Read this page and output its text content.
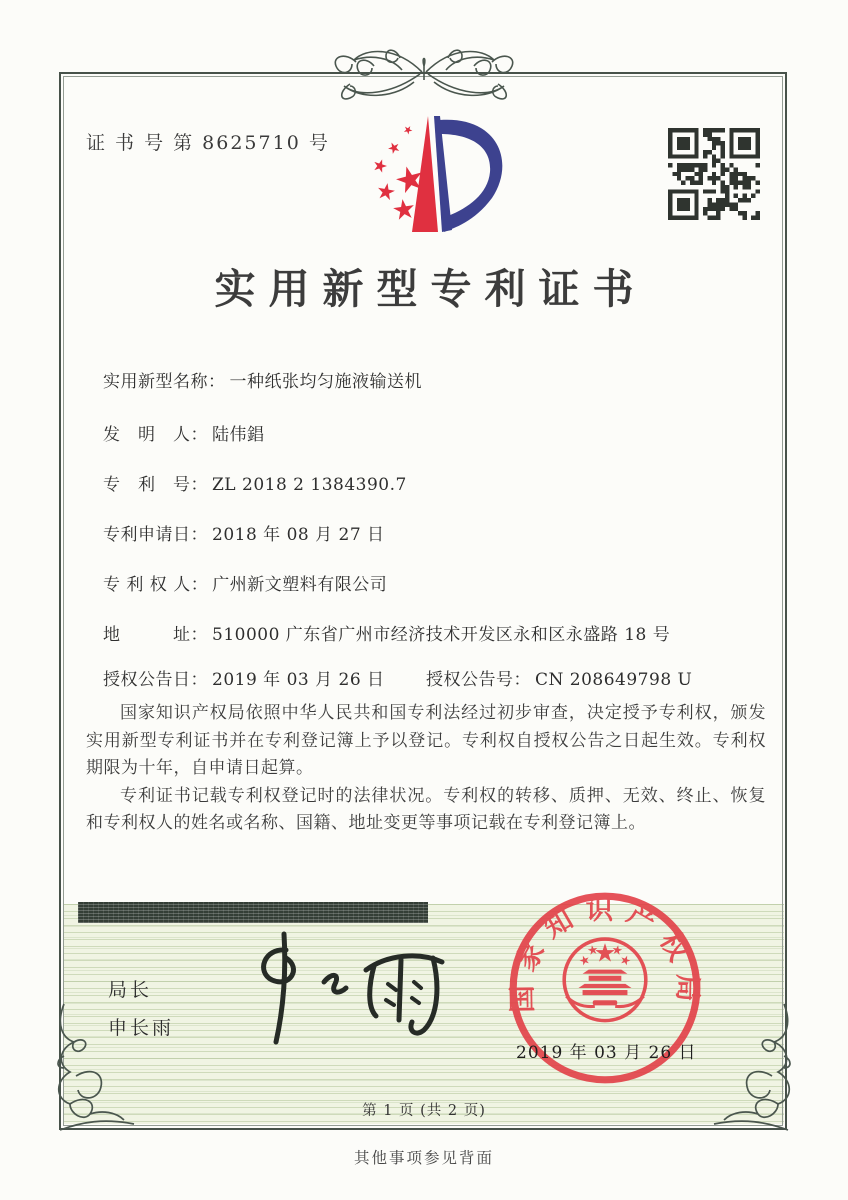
证 书 号 第 8625710 号
实用新型专利证书
实用新型名称： 一种纸张均匀施液输送机
发　明　人： 陆伟錩
专　利　号： ZL 2018 2 1384390.7
专利申请日： 2018 年 08 月 27 日
专 利 权 人： 广州新文塑料有限公司
地　　　址： 510000 广东省广州市经济技术开发区永和区永盛路 18 号
授权公告日： 2019 年 03 月 26 日 授权公告号： CN 208649798 U

国家知识产权局依照中华人民共和国专利法经过初步审查，决定授予专利权，颁发实用新型专利证书并在专利登记簿上予以登记。专利权自授权公告之日起生效。专利权期限为十年，自申请日起算。

专利证书记载专利权登记时的法律状况。专利权的转移、质押、无效、终止、恢复和专利权人的姓名或名称、国籍、地址变更等事项记载在专利登记簿上。

局长
申长雨
国家知识产权局
2019 年 03 月 26 日
第 1 页 (共 2 页)
其他事项参见背面
